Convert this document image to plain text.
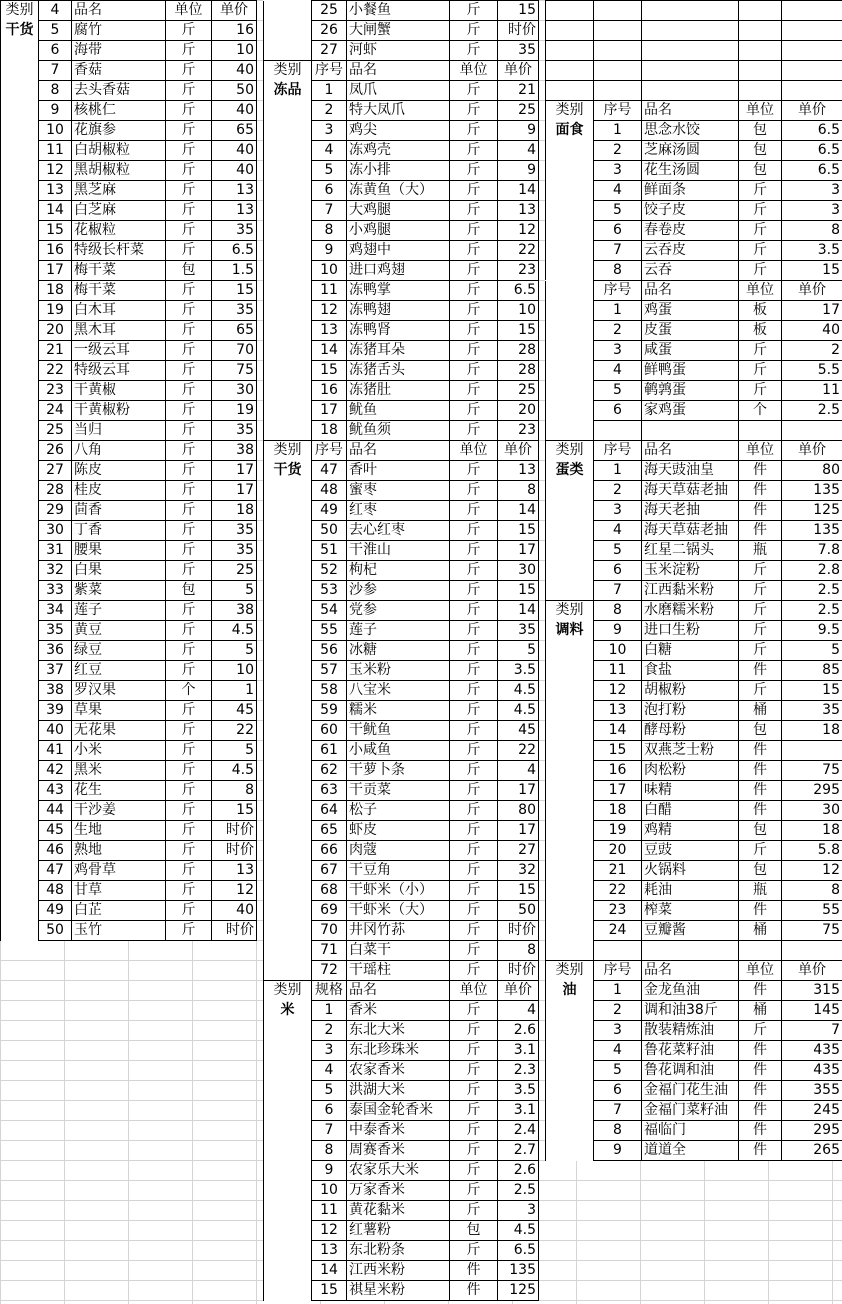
类别	4	品名	单位	单价
干货	5	腐竹	斤	16
	6	海带	斤	10
	7	香菇	斤	40
	8	去头香菇	斤	50
	9	核桃仁	斤	40
	10	花旗参	斤	65
	11	白胡椒粒	斤	40
	12	黑胡椒粒	斤	40
	13	黑芝麻	斤	13
	14	白芝麻	斤	13
	15	花椒粒	斤	35
	16	特级长杆菜	斤	6.5
	17	梅干菜	包	1.5
	18	梅干菜	斤	15
	19	白木耳	斤	35
	20	黑木耳	斤	65
	21	一级云耳	斤	70
	22	特级云耳	斤	75
	23	干黄椒	斤	30
	24	干黄椒粉	斤	19
	25	当归	斤	35
	26	八角	斤	38
	27	陈皮	斤	17
	28	桂皮	斤	17
	29	茴香	斤	18
	30	丁香	斤	35
	31	腰果	斤	35
	32	白果	斤	25
	33	紫菜	包	5
	34	莲子	斤	38
	35	黄豆	斤	4.5
	36	绿豆	斤	5
	37	红豆	斤	10
	38	罗汉果	个	1
	39	草果	斤	45
	40	无花果	斤	22
	41	小米	斤	5
	42	黑米	斤	4.5
	43	花生	斤	8
	44	干沙姜	斤	15
	45	生地	斤	时价
	46	熟地	斤	时价
	47	鸡骨草	斤	13
	48	甘草	斤	12
	49	白芷	斤	40
	50	玉竹	斤	时价
	25	小餐鱼	斤	15
	26	大闸蟹	斤	时价
	27	河虾	斤	35
类别	序号	品名	单位	单价
冻品	1	凤爪	斤	21
	2	特大凤爪	斤	25
	3	鸡尖	斤	9
	4	冻鸡壳	斤	4
	5	冻小排	斤	9
	6	冻黄鱼（大）	斤	14
	7	大鸡腿	斤	13
	8	小鸡腿	斤	12
	9	鸡翅中	斤	22
	10	进口鸡翅	斤	23
	11	冻鸭掌	斤	6.5
	12	冻鸭翅	斤	10
	13	冻鸭肾	斤	15
	14	冻猪耳朵	斤	28
	15	冻猪舌头	斤	28
	16	冻猪肚	斤	25
	17	鱿鱼	斤	20
	18	鱿鱼须	斤	23
类别	序号	品名	单位	单价
干货	47	香叶	斤	13
	48	蜜枣	斤	8
	49	红枣	斤	14
	50	去心红枣	斤	15
	51	干淮山	斤	17
	52	枸杞	斤	30
	53	沙参	斤	15
	54	党参	斤	14
	55	莲子	斤	35
	56	冰糖	斤	5
	57	玉米粉	斤	3.5
	58	八宝米	斤	4.5
	59	糯米	斤	4.5
	60	干鱿鱼	斤	45
	61	小咸鱼	斤	22
	62	干萝卜条	斤	4
	63	干贡菜	斤	17
	64	松子	斤	80
	65	虾皮	斤	17
	66	肉蔻	斤	27
	67	干豆角	斤	32
	68	干虾米（小）	斤	15
	69	干虾米（大）	斤	50
	70	井冈竹荪	斤	时价
	71	白菜干	斤	8
	72	干瑶柱	斤	时价
类别	规格	品名	单位	单价
米	1	香米	斤	4
	2	东北大米	斤	2.6
	3	东北珍珠米	斤	3.1
	4	农家香米	斤	2.3
	5	洪湖大米	斤	3.5
	6	泰国金轮香米	斤	3.1
	7	中泰香米	斤	2.4
	8	周赛香米	斤	2.7
	9	农家乐大米	斤	2.6
	10	万家香米	斤	2.5
	11	黄花黏米	斤	3
	12	红薯粉	包	4.5
	13	东北粉条	斤	6.5
	14	江西米粉	件	135
	15	祺星米粉	件	125

类别	序号	品名	单位	单价
面食	1	思念水饺	包	6.5
	2	芝麻汤圆	包	6.5
	3	花生汤圆	包	6.5
	4	鲜面条	斤	3
	5	饺子皮	斤	3
	6	春卷皮	斤	8
	7	云吞皮	斤	3.5
	8	云吞	斤	15
	序号	品名	单位	单价
	1	鸡蛋	板	17
	2	皮蛋	板	40
	3	咸蛋	斤	2
	4	鲜鸭蛋	斤	5.5
	5	鹌鹑蛋	斤	11
	6	家鸡蛋	个	2.5

类别	序号	品名	单位	单价
蛋类	1	海天豉油皇	件	80
	2	海天草菇老抽	件	135
	3	海天老抽	件	125
	4	海天草菇老抽	件	135
	5	红星二锅头	瓶	7.8
	6	玉米淀粉	斤	2.8
	7	江西黏米粉	斤	2.5
类别	8	水磨糯米粉	斤	2.5
调料	9	进口生粉	斤	9.5
	10	白糖	斤	5
	11	食盐	件	85
	12	胡椒粉	斤	15
	13	泡打粉	桶	35
	14	酵母粉	包	18
	15	双燕芝士粉	件	
	16	肉松粉	件	75
	17	味精	件	295
	18	白醋	件	30
	19	鸡精	包	18
	20	豆豉	斤	5.8
	21	火锅料	包	12
	22	耗油	瓶	8
	23	榨菜	件	55
	24	豆瓣酱	桶	75

类别	序号	品名	单位	单价
油	1	金龙鱼油	件	315
	2	调和油38斤	桶	145
	3	散装精炼油	斤	7
	4	鲁花菜籽油	件	435
	5	鲁花调和油	件	435
	6	金福门花生油	件	355
	7	金福门菜籽油	件	245
	8	福临门	件	295
	9	道道全	件	265
